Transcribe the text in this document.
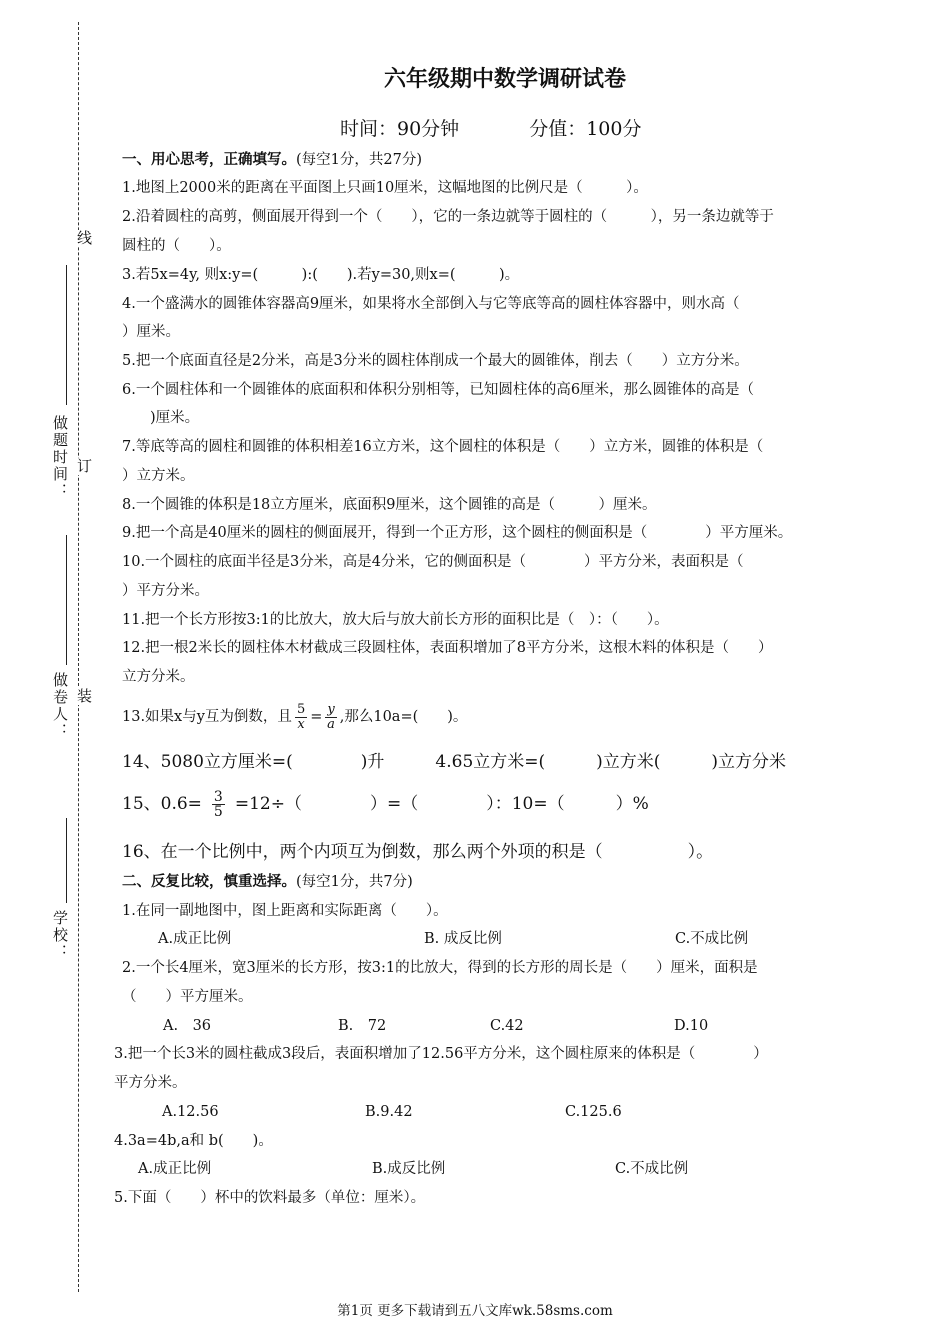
线
做题时间： 订
做卷人： 装
学校：
六年级期中数学调研试卷
时间：90分钟	分值：100分
一、用心思考，正确填写。(每空1分，共27分)
1.地图上2000米的距离在平面图上只画10厘米，这幅地图的比例尺是（　　　）。
2.沿着圆柱的高剪，侧面展开得到一个（　　），它的一条边就等于圆柱的（　　　），另一条边就等于
圆柱的（　　）。
3.若5x=4y, 则x:y=(　　　):(　　).若y=30,则x=(　　　)。
4.一个盛满水的圆锥体容器高9厘米，如果将水全部倒入与它等底等高的圆柱体容器中，则水高（
）厘米。
5.把一个底面直径是2分米，高是3分米的圆柱体削成一个最大的圆锥体，削去（　　）立方分米。
6.一个圆柱体和一个圆锥体的底面积和体积分别相等，已知圆柱体的高6厘米，那么圆锥体的高是（
)厘米。
7.等底等高的圆柱和圆锥的体积相差16立方米，这个圆柱的体积是（　　）立方米，圆锥的体积是（
）立方米。
8.一个圆锥的体积是18立方厘米，底面积9厘米，这个圆锥的高是（　　　）厘米。
9.把一个高是40厘米的圆柱的侧面展开，得到一个正方形，这个圆柱的侧面积是（　　　　）平方厘米。
10.一个圆柱的底面半径是3分米，高是4分米，它的侧面积是（　　　　）平方分米，表面积是（
）平方分米。
11.把一个长方形按3:1的比放大，放大后与放大前长方形的面积比是（　）：（　　）。
12.把一根2米长的圆柱体木材截成三段圆柱体，表面积增加了8平方分米，这根木料的体积是（　　）
立方分米。
13.如果x与y互为倒数，且 $\frac{5}{x} = \frac{y}{a}$ ,那么10a=(　　)。
14、5080立方厘米=(　　　　)升　　　4.65立方米=(　　　)立方米(　　　)立方分米
15、$0.6= \frac{3}{5} =12\div$（　　　　）=（　　　　）：10=（　　　）%
16、在一个比例中，两个内项互为倒数，那么两个外项的积是（　　　　　）。
二、反复比较，慎重选择。(每空1分，共7分)
1.在同一副地图中，图上距离和实际距离（　　）。
A.成正比例	B. 成反比例	C.不成比例
2.一个长4厘米，宽3厘米的长方形，按3:1的比放大，得到的长方形的周长是（　　）厘米，面积是
（　　）平方厘米。
A.　36	B.　72	C.42	D.10
3.把一个长3米的圆柱截成3段后，表面积增加了12.56平方分米，这个圆柱原来的体积是（　　　　）
平方分米。
A.12.56	B.9.42	C.125.6
4.3a=4b,a和 b(　　)。
A.成正比例	B.成反比例	C.不成比例
5.下面（　　）杯中的饮料最多（单位：厘米）。
第1页 更多下载请到五八文库wk.58sms.com
